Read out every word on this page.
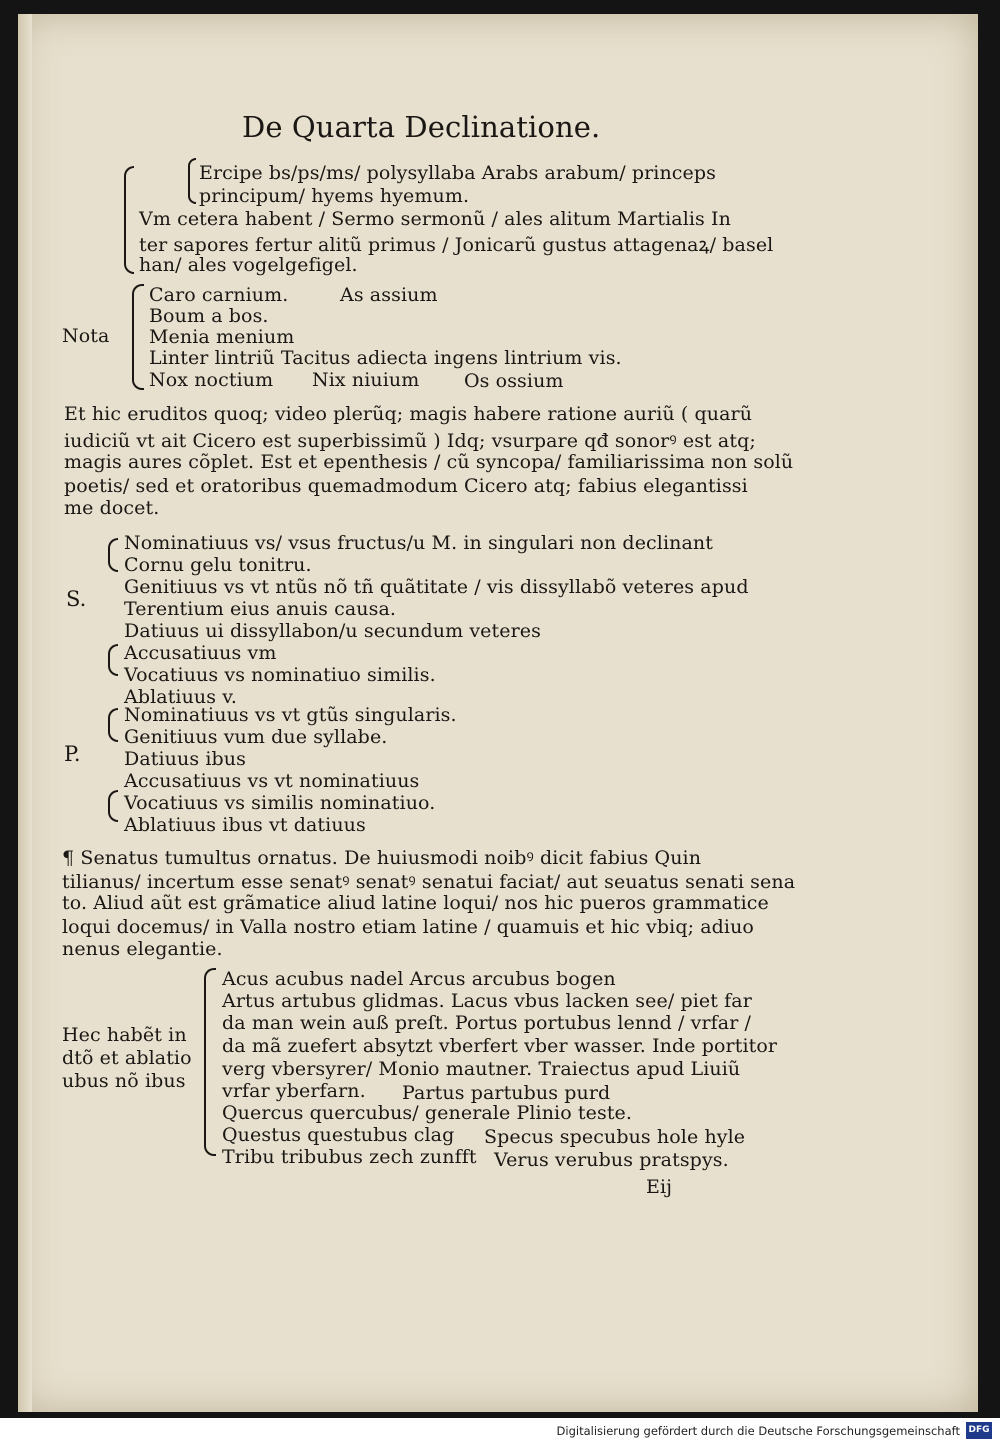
De Quarta Declinatione.
Ercipe bs/ps/ms/ polysyllaba Arabs arabum/ princeps
principum/ hyems hyemum.
Vm cetera habent / Sermo sermonũ / ales alitum Martialis In
ter sapores fertur alitũ primus / Jonicarũ gustus attagenaꝝ/ basel
han/ ales vogelgefigel.
Nota
Caro carnium.	As assium
Boum a bos.
Menia menium
Linter lintriũ Tacitus adiecta ingens lintrium vis.
Nox noctium Nix niuium Os ossium
Et hic eruditos quoq; video plerũq; magis habere ratione auriũ ( quarũ
iudiciũ vt ait Cicero est superbissimũ ) Idq; vsurpare qđ sonorꝰ est atq;
magis aures cõplet. Est et epenthesis / cũ syncopa/ familiarissima non solũ
poetis/ sed et oratoribus quemadmodum Cicero atq; fabius elegantissi
me docet.
S.
Nominatiuus vs/ vsus fructus/u M. in singulari non declinant
Cornu gelu tonitru.
Genitiuus vs vt ntũs nõ tñ quãtitate / vis dissyllabõ veteres apud
Terentium eius anuis causa.
Datiuus ui dissyllabon/u secundum veteres
Accusatiuus vm
Vocatiuus vs nominatiuo similis.
Ablatiuus v.
P.
Nominatiuus vs vt gtũs singularis.
Genitiuus vum due syllabe.
Datiuus ibus
Accusatiuus vs vt nominatiuus
Vocatiuus vs similis nominatiuo.
Ablatiuus ibus vt datiuus
¶ Senatus tumultus ornatus. De huiusmodi noibꝰ dicit fabius Quin
tilianus/ incertum esse senatꝰ senatꝰ senatui faciat/ aut seuatus senati sena
to. Aliud aũt est grãmatice aliud latine loqui/ nos hic pueros grammatice
loqui docemus/ in Valla nostro etiam latine / quamuis et hic vbiq; adiuo
nenus elegantie.
Hec habẽt in
dtõ et ablatio
ubus nõ ibus
Acus acubus nadel Arcus arcubus bogen
Artus artubus glidmas. Lacus vbus lacken see/ piet far
da man wein auß preſt. Portus portubus lennd / vrfar /
da mã zuefert absytzt vberfert vber wasser. Inde portitor
verg vbersyrer/ Monio mautner. Traiectus apud Liuiũ
vrfar yberfarn. Partus partubus purd
Quercus quercubus/ generale Plinio teste.
Questus questubus clag Specus specubus hole hyle
Tribu tribubus zech zunfft Verus verubus pratspys.
Eij
Digitalisierung gefördert durch die Deutsche Forschungsgemeinschaft DFG
